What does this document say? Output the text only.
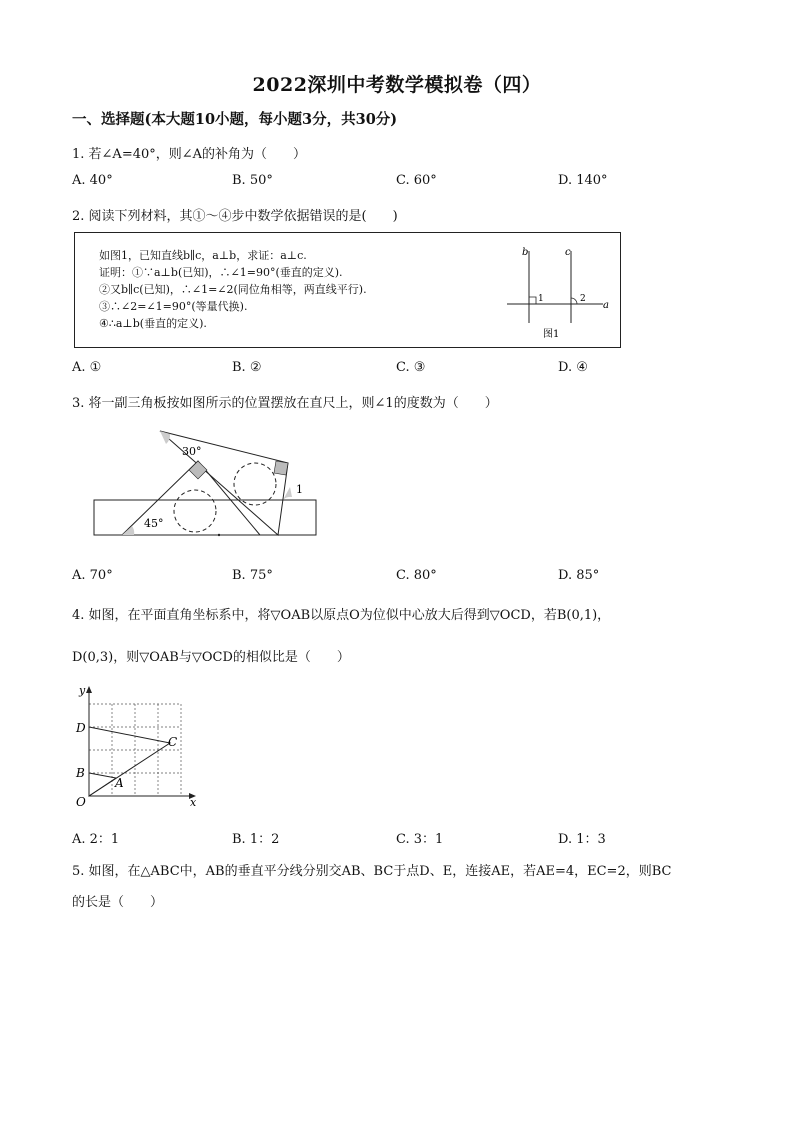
2022深圳中考数学模拟卷（四）
一、选择题(本大题10小题，每小题3分，共30分)
1. 若∠A=40°，则∠A的补角为（　　）
A. 40°	B. 50°	C. 60°	D. 140°
2. 阅读下列材料，其①～④步中数学依据错误的是(　　)
如图1，已知直线b∥c，a⊥b，求证：a⊥c.
证明：①∵a⊥b(已知)，∴∠1=90°(垂直的定义).
②又b∥c(已知)，∴∠1=∠2(同位角相等，两直线平行).
③∴∠2=∠1=90°(等量代换).
④∴a⊥b(垂直的定义).
b	c
a
1	2
图1
A. ①	B. ②	C. ③	D. ④
3. 将一副三角板按如图所示的位置摆放在直尺上，则∠1的度数为（　　）
30°
45°
1
A. 70°	B. 75°	C. 80°	D. 85°
4. 如图，在平面直角坐标系中，将▽OAB以原点O为位似中心放大后得到▽OCD，若B(0,1)，
D(0,3)，则▽OAB与▽OCD的相似比是（　　）
y
x
O
B
D
A
C
A. 2：1	B. 1：2	C. 3：1	D. 1：3
5. 如图，在△ABC中，AB的垂直平分线分别交AB、BC于点D、E，连接AE，若AE=4，EC=2，则BC
的长是（　　）
